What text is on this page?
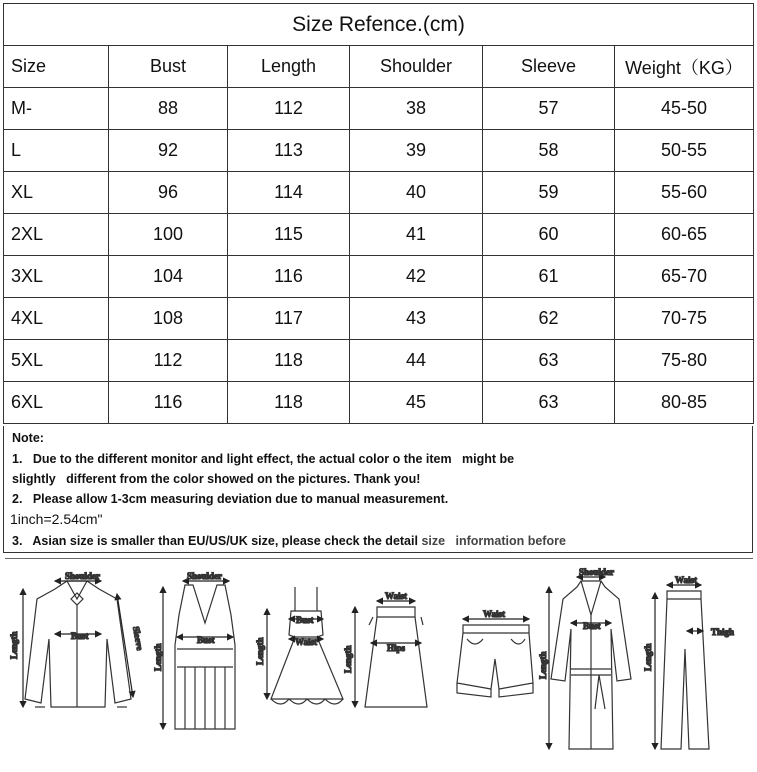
Size Refence.(cm)					
Size	Bust	Length	Shoulder	Sleeve	Weight（KG）
M-	88	112	38	57	45-50
L	92	113	39	58	50-55
XL	96	114	40	59	55-60
2XL	100	115	41	60	60-65
3XL	104	116	42	61	65-70
4XL	108	117	43	62	70-75
5XL	112	118	44	63	75-80
6XL	116	118	45	63	80-85
Note:
1.   Due to the different monitor and light effect, the actual color o the item   might be
slightly   different from the color showed on the pictures. Thank you!
2.   Please allow 1-3cm measuring deviation due to manual measurement.
1inch=2.54cm"
3.   Asian size is smaller than EU/US/UK size, please check the detail size   information before
Shoulder
Bust
Length	Sleeve
Shoulder
Bust
Length
Bust
Waist
Length
Waist
Hips
Length
Waist
Shoulder
Bust
Length
Waist
Thigh
Length
